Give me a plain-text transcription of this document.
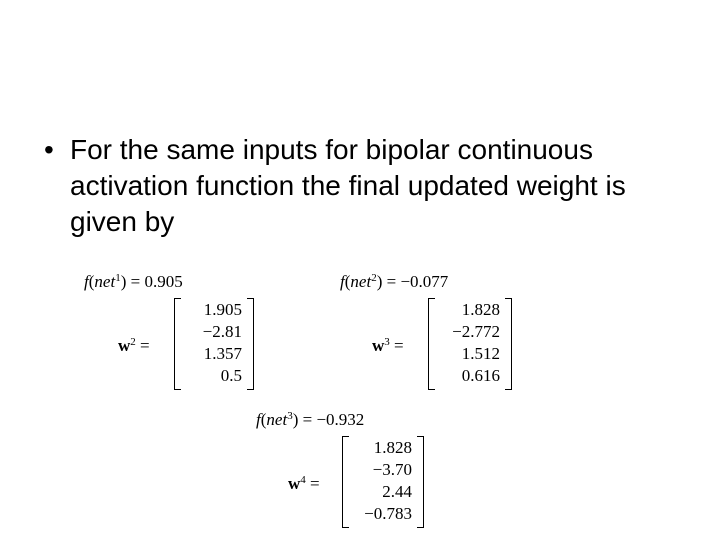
• For the same inputs for bipolar continuous activation function the final updated weight is given by
f(net$^1$) = 0.905	f(net$^2$) = −0.077
$w^2$ =
1.905
−2.81
1.357
0.5
$w^3$ =
1.828
−2.772
1.512
0.616
f(net$^3$) = −0.932
$w^4$ =
1.828
−3.70
2.44
−0.783
